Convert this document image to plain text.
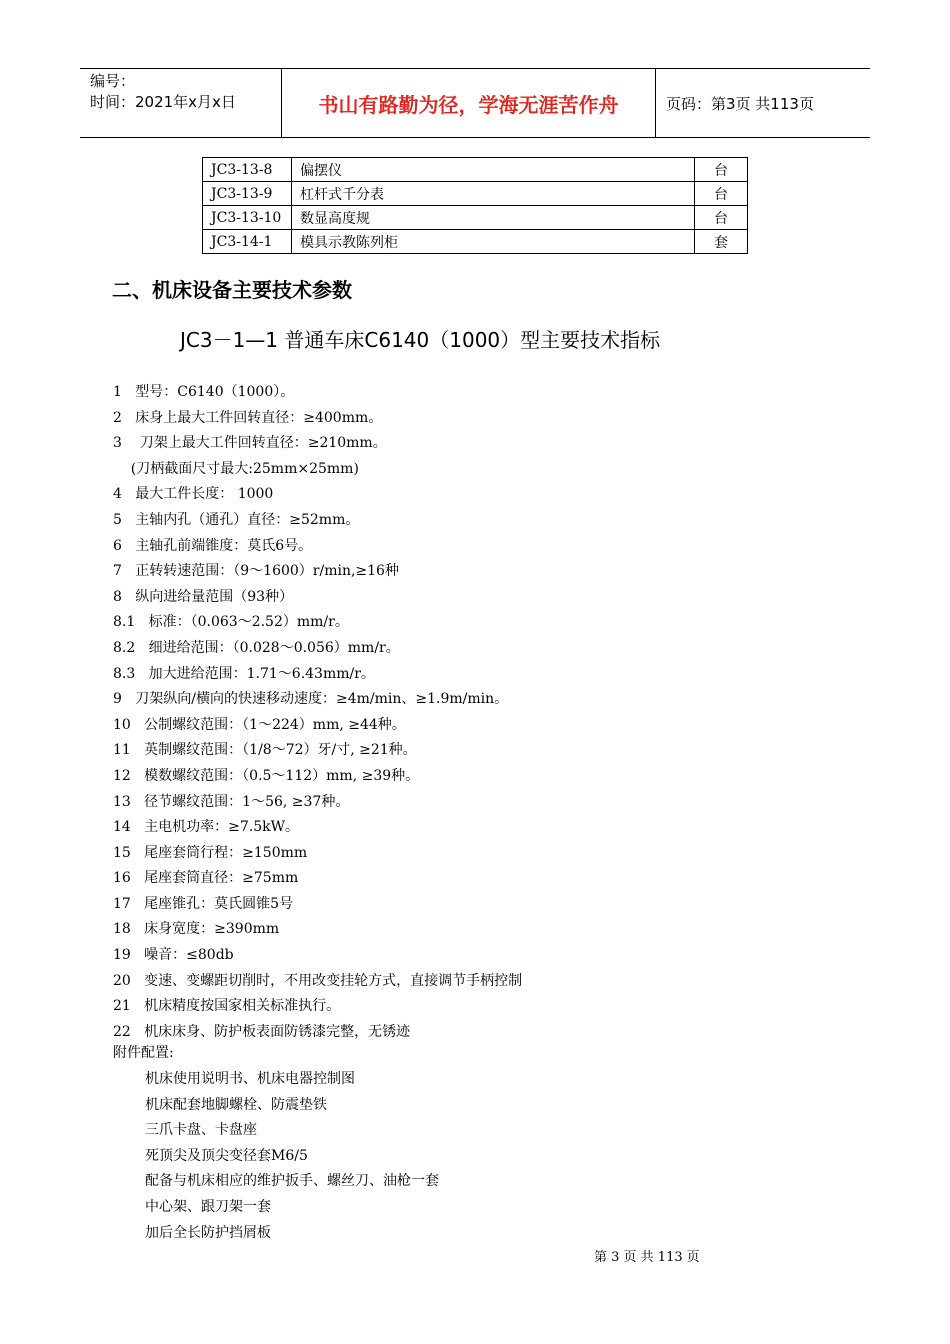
编号：
时间：2021年x月x日	书山有路勤为径，学海无涯苦作舟	页码：第3页 共113页
JC3-13-8	偏摆仪	台
JC3-13-9	杠杆式千分表	台
JC3-13-10	数显高度规	台
JC3-14-1	模具示教陈列柜	套
二、机床设备主要技术参数
JC3－1—1 普通车床C6140（1000）型主要技术指标
1   型号：C6140（1000）。
2   床身上最大工件回转直径：≥400mm。
3    刀架上最大工件回转直径：≥210mm。
(刀柄截面尺寸最大:25mm×25mm)
4   最大工件长度： 1000
5   主轴内孔（通孔）直径：≥52mm。
6   主轴孔前端锥度：莫氏6号。
7   正转转速范围：（9～1600）r/min,≥16种
8   纵向进给量范围（93种）
8.1   标准：（0.063～2.52）mm/r。
8.2   细进给范围：（0.028～0.056）mm/r。
8.3   加大进给范围：1.71～6.43mm/r。
9   刀架纵向/横向的快速移动速度：≥4m/min、≥1.9m/min。
10   公制螺纹范围：（1～224）mm, ≥44种。
11   英制螺纹范围：（1/8～72）牙/寸, ≥21种。
12   模数螺纹范围：（0.5～112）mm, ≥39种。
13   径节螺纹范围：1～56, ≥37种。
14   主电机功率：≥7.5kW。
15   尾座套筒行程：≥150mm
16   尾座套筒直径：≥75mm
17   尾座锥孔：莫氏圆锥5号
18   床身宽度：≥390mm
19   噪音：≤80db
20   变速、变螺距切削时，不用改变挂轮方式，直接调节手柄控制
21   机床精度按国家相关标准执行。
22   机床床身、防护板表面防锈漆完整，无锈迹
附件配置:
机床使用说明书、机床电器控制图
机床配套地脚螺栓、防震垫铁
三爪卡盘、卡盘座
死顶尖及顶尖变径套M6/5
配备与机床相应的维护扳手、螺丝刀、油枪一套
中心架、跟刀架一套
加后全长防护挡屑板
第 3 页 共 113 页
